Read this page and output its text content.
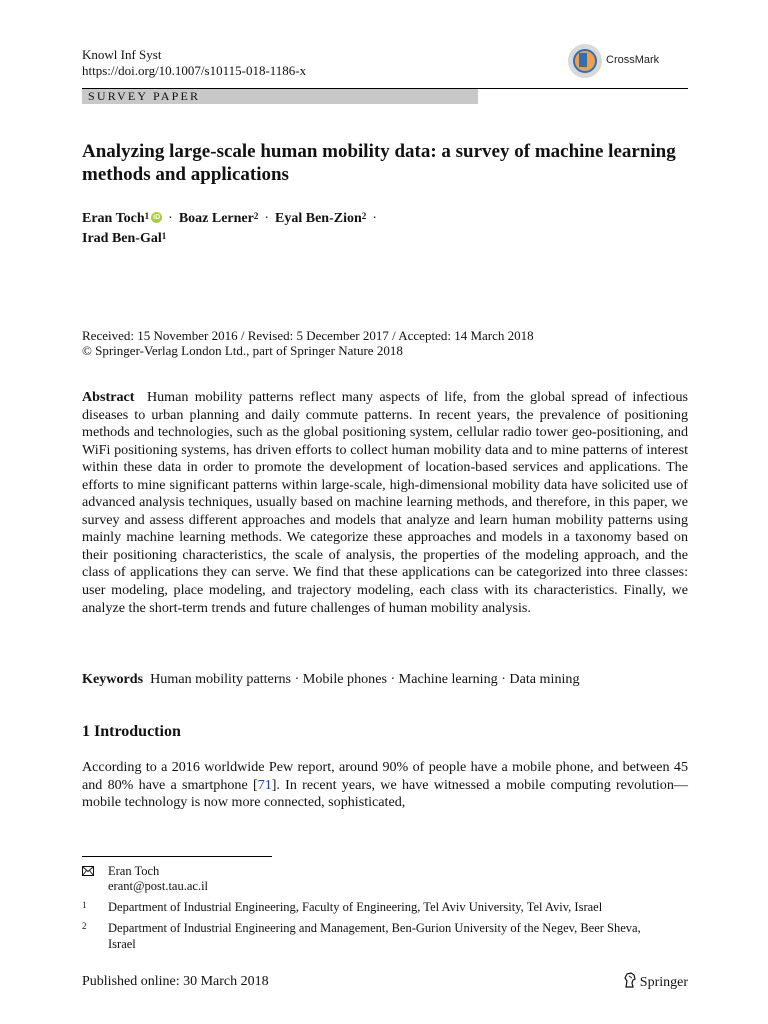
Knowl Inf Syst
https://doi.org/10.1007/s10115-018-1186-x
CrossMark
SURVEY PAPER
Analyzing large-scale human mobility data: a survey of machine learning methods and applications
Eran Toch$^1$ iD · Boaz Lerner$^2$ · Eyal Ben-Zion$^2$ ·
Irad Ben-Gal$^1$
Received: 15 November 2016 / Revised: 5 December 2017 / Accepted: 14 March 2018
© Springer-Verlag London Ltd., part of Springer Nature 2018
Abstract Human mobility patterns reflect many aspects of life, from the global spread of infectious diseases to urban planning and daily commute patterns. In recent years, the prevalence of positioning methods and technologies, such as the global positioning system, cellular radio tower geo-positioning, and WiFi positioning systems, has driven efforts to collect human mobility data and to mine patterns of interest within these data in order to promote the development of location-based services and applications. The efforts to mine significant patterns within large-scale, high-dimensional mobility data have solicited use of advanced analysis techniques, usually based on machine learning methods, and therefore, in this paper, we survey and assess different approaches and models that analyze and learn human mobility patterns using mainly machine learning methods. We categorize these approaches and models in a taxonomy based on their positioning characteristics, the scale of analysis, the properties of the modeling approach, and the class of applications they can serve. We find that these applications can be categorized into three classes: user modeling, place modeling, and trajectory modeling, each class with its characteristics. Finally, we analyze the short-term trends and future challenges of human mobility analysis.
Keywords Human mobility patterns · Mobile phones · Machine learning · Data mining
1 Introduction
According to a 2016 worldwide Pew report, around 90% of people have a mobile phone, and between 45 and 80% have a smartphone [71]. In recent years, we have witnessed a mobile computing revolution—mobile technology is now more connected, sophisticated,
Eran Toch
erant@post.tau.ac.il
1 Department of Industrial Engineering, Faculty of Engineering, Tel Aviv University, Tel Aviv, Israel
2 Department of Industrial Engineering and Management, Ben-Gurion University of the Negev, Beer Sheva, Israel
Published online: 30 March 2018	Springer
